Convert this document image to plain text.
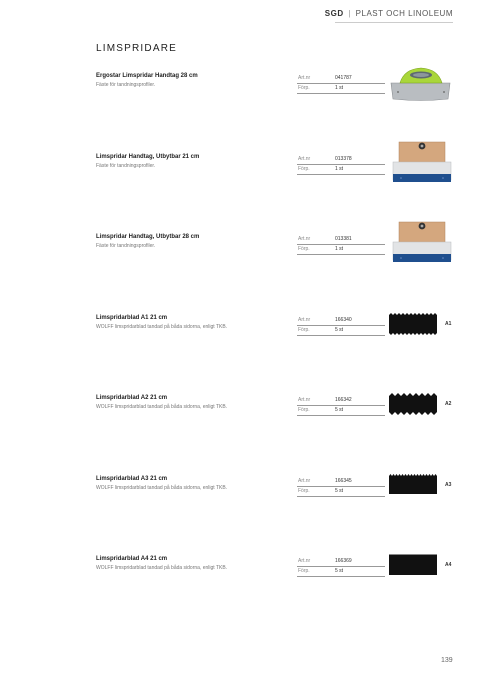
SGD | PLAST OCH LINOLEUM
LIMSPRIDARE
Ergostar Limspridar Handtag 28 cm
Fäste för tandningsprofiler.
Art.nr	041787
Förp.	1 st
Limspridar Handtag, Utbytbar 21 cm
Fäste för tandningsprofiler.
Art.nr	013378
Förp.	1 st
Limspridar Handtag, Utbytbar 28 cm
Fäste för tandningsprofiler.
Art.nr	013381
Förp.	1 st
Limspridarblad A1 21 cm
WOLFF limspridarblad tandad på båda sidorna, enligt TKB.
Art.nr	166340
Förp.	5 st
A1
Limspridarblad A2 21 cm
WOLFF limspridarblad tandad på båda sidorna, enligt TKB.
Art.nr	166342
Förp.	5 st
A2
Limspridarblad A3 21 cm
WOLFF limspridarblad tandad på båda sidorna, enligt TKB.
Art.nr	166345
Förp.	5 st
A3
Limspridarblad A4 21 cm
WOLFF limspridarblad tandad på båda sidorna, enligt TKB.
Art.nr	166369
Förp.	5 st
A4
139
